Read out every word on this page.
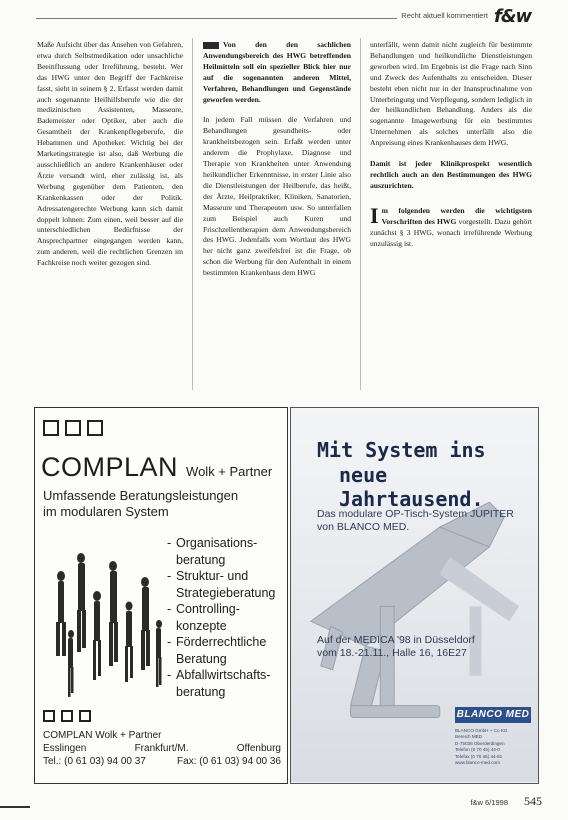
Recht aktuell kommentiert f&w

Maße Aufsicht über das Ansehen von Gefahren, etwa durch Selbstmedikation oder unsachliche Beeinflussung oder Irreführung, besteht. Wer das HWG unter den Begriff der Fachkreise fasst, sieht in seinem § 2. Erfasst werden damit auch sogenannte Heilhilfsberufe wie die der medizinischen Assistenten, Masseure, Bademeister oder Optiker, aber auch die Gesamtheit der Krankenpflegeberufe, die Hebammen und Apotheker. Wichtig bei der Marketingstrategie ist also, daß Werbung die ausschließlich an andere Krankenhäuser oder Ärzte versandt wird, eher zulässig ist, als Werbung gegenüber dem Patienten, den Krankenkassen oder der Politik. Adressatengerechte Werbung kann sich damit doppelt lohnen: Zum einen, weil besser auf die unterschiedlichen Bedürfnisse der Ansprechpartner eingegangen werden kann, zum anderen, weil die rechtlichen Grenzen im Fachkreise noch weiter gezogen sind.

Von den den sachlichen Anwendungsbereich des HWG betreffenden Heilmitteln soll ein spezieller Blick hier nur auf die sogenannten anderen Mittel, Verfahren, Behandlungen und Gegenstände geworfen werden.

In jedem Fall müssen die Verfahren und Behandlungen gesundheits- oder krankheitsbezogen sein. Erfaßt werden unter anderem die Prophylaxe, Diagnose und Therapie von Krankheiten unter Anwendung heilkundlicher Erkenntnisse, in erster Linie also die Dienstleistungen der Heilberufe, das heißt, der Ärzte, Heilpraktiker, Kliniken, Sanatorien, Masseure und Therapeuten usw. So unterfallen zum Beispiel auch Kuren und Frischzellentherapien dem Anwendungsbereich des HWG. Jedenfalls vom Wortlaut des HWG her nicht ganz zweifelsfrei ist die Frage, ob schon die Werbung für den Aufenthalt in einem bestimmten Krankenhaus dem HWG

unterfällt, wenn damit nicht zugleich für bestimmte Behandlungen und heilkundliche Dienstleistungen geworben wird. Im Ergebnis ist die Frage nach Sinn und Zweck des Aufenthalts zu entscheiden. Dieser besteht eben nicht nur in der Inanspruchnahme von Unterbringung und Verpflegung, sondern lediglich in der heilkundlichen Behandlung. Anders als die sogenannte Imagewerbung für ein bestimmtes Unternehmen als solches unterfällt also die Anpreisung eines Krankenhauses dem HWG.

Damit ist jeder Klinikprospekt wesentlich rechtlich auch an den Bestimmungen des HWG auszurichten.

I m folgenden werden die wichtigsten Vorschriften des HWG vorgestellt. Dazu gehört zunächst § 3 HWG, wonach irreführende Werbung unzulässig ist.

COMPLAN Wolk + Partner
Umfassende Beratungsleistungen
im modularen System
- Organisations-
beratung
- Struktur- und
Strategieberatung
- Controlling-
konzepte
- Förderrechtliche
Beratung
- Abfallwirtschafts-
beratung
COMPLAN Wolk + Partner
Esslingen	Frankfurt/M.	Offenburg
Tel.: (0 61 03) 94 00 37	Fax: (0 61 03) 94 00 36
Mit System ins
neue Jahrtausend.
Das modulare OP-Tisch-System JUPITER
von BLANCO MED.
Auf der MEDICA '98 in Düsseldorf
vom 18.-21.11., Halle 16, 16E27
BLANCO MED
BLANCO GmbH + Co KG
Bereich MED
D-75038 Oberderdingen
Telefon (0 70 45) 44-0
Telefax (0 70 45) 44-81
www.blanco-med.com
f&w 6/1998 545
